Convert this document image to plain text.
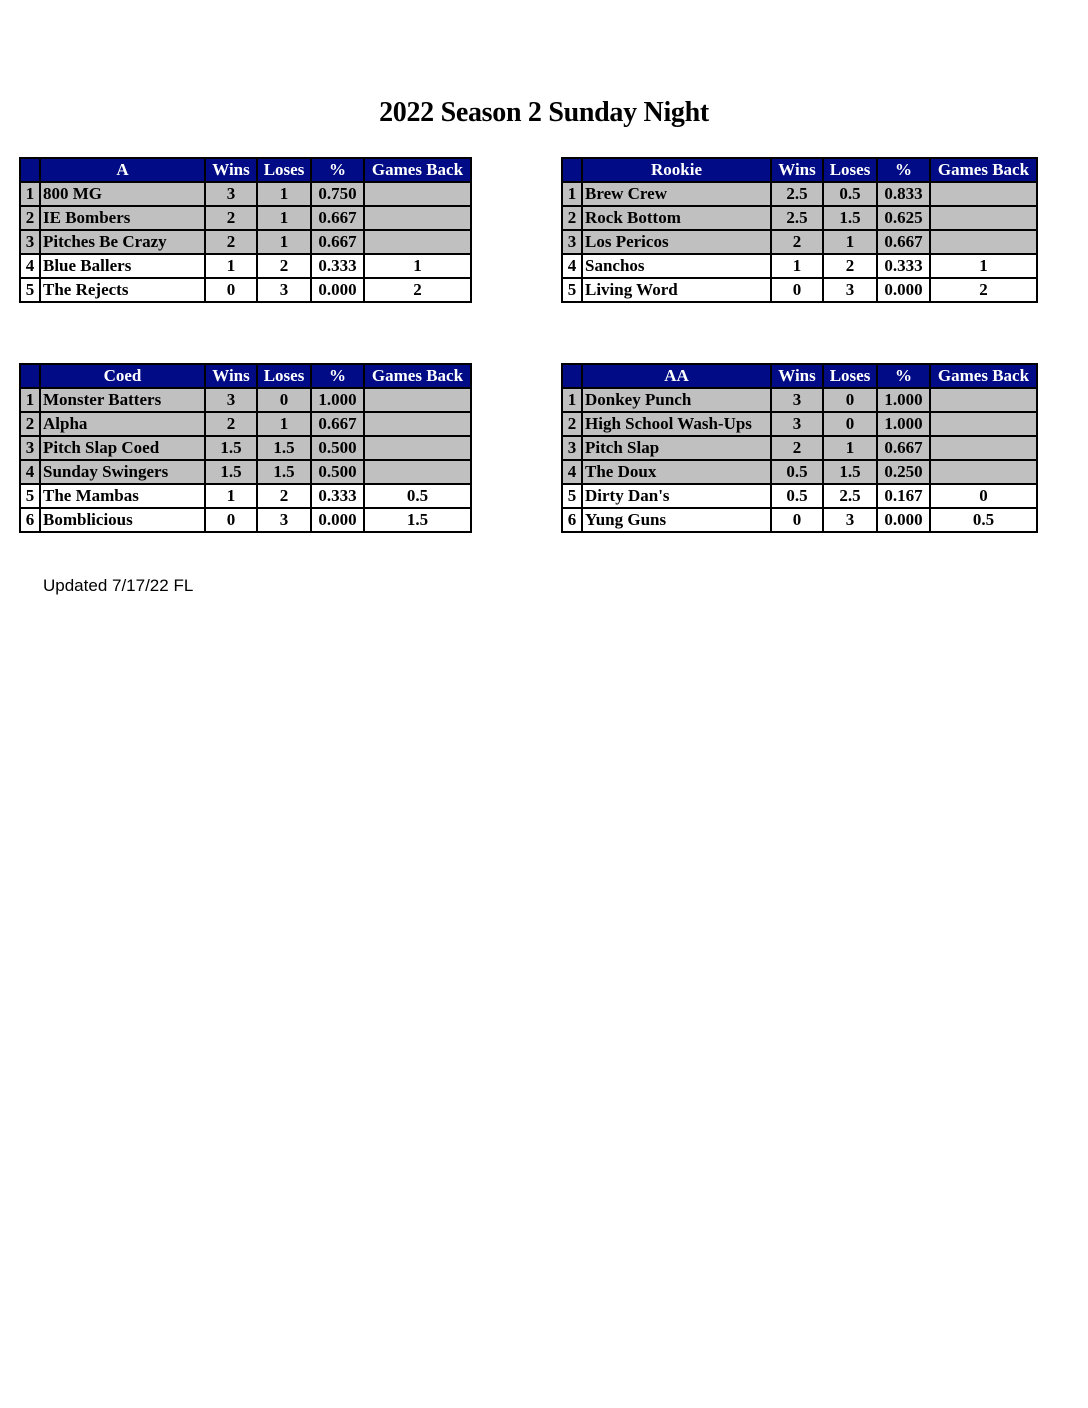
2022 Season 2 Sunday Night
	A	Wins	Loses	%	Games Back
1	800 MG	3	1	0.750	
2	IE Bombers	2	1	0.667	
3	Pitches Be Crazy	2	1	0.667	
4	Blue Ballers	1	2	0.333	1
5	The Rejects	0	3	0.000	2
	Rookie	Wins	Loses	%	Games Back
1	Brew Crew	2.5	0.5	0.833	
2	Rock Bottom	2.5	1.5	0.625	
3	Los Pericos	2	1	0.667	
4	Sanchos	1	2	0.333	1
5	Living Word	0	3	0.000	2
	Coed	Wins	Loses	%	Games Back
1	Monster Batters	3	0	1.000	
2	Alpha	2	1	0.667	
3	Pitch Slap Coed	1.5	1.5	0.500	
4	Sunday Swingers	1.5	1.5	0.500	
5	The Mambas	1	2	0.333	0.5
6	Bomblicious	0	3	0.000	1.5
	AA	Wins	Loses	%	Games Back
1	Donkey Punch	3	0	1.000	
2	High School Wash-Ups	3	0	1.000	
3	Pitch Slap	2	1	0.667	
4	The Doux	0.5	1.5	0.250	
5	Dirty Dan's	0.5	2.5	0.167	0
6	Yung Guns	0	3	0.000	0.5
Updated 7/17/22 FL
